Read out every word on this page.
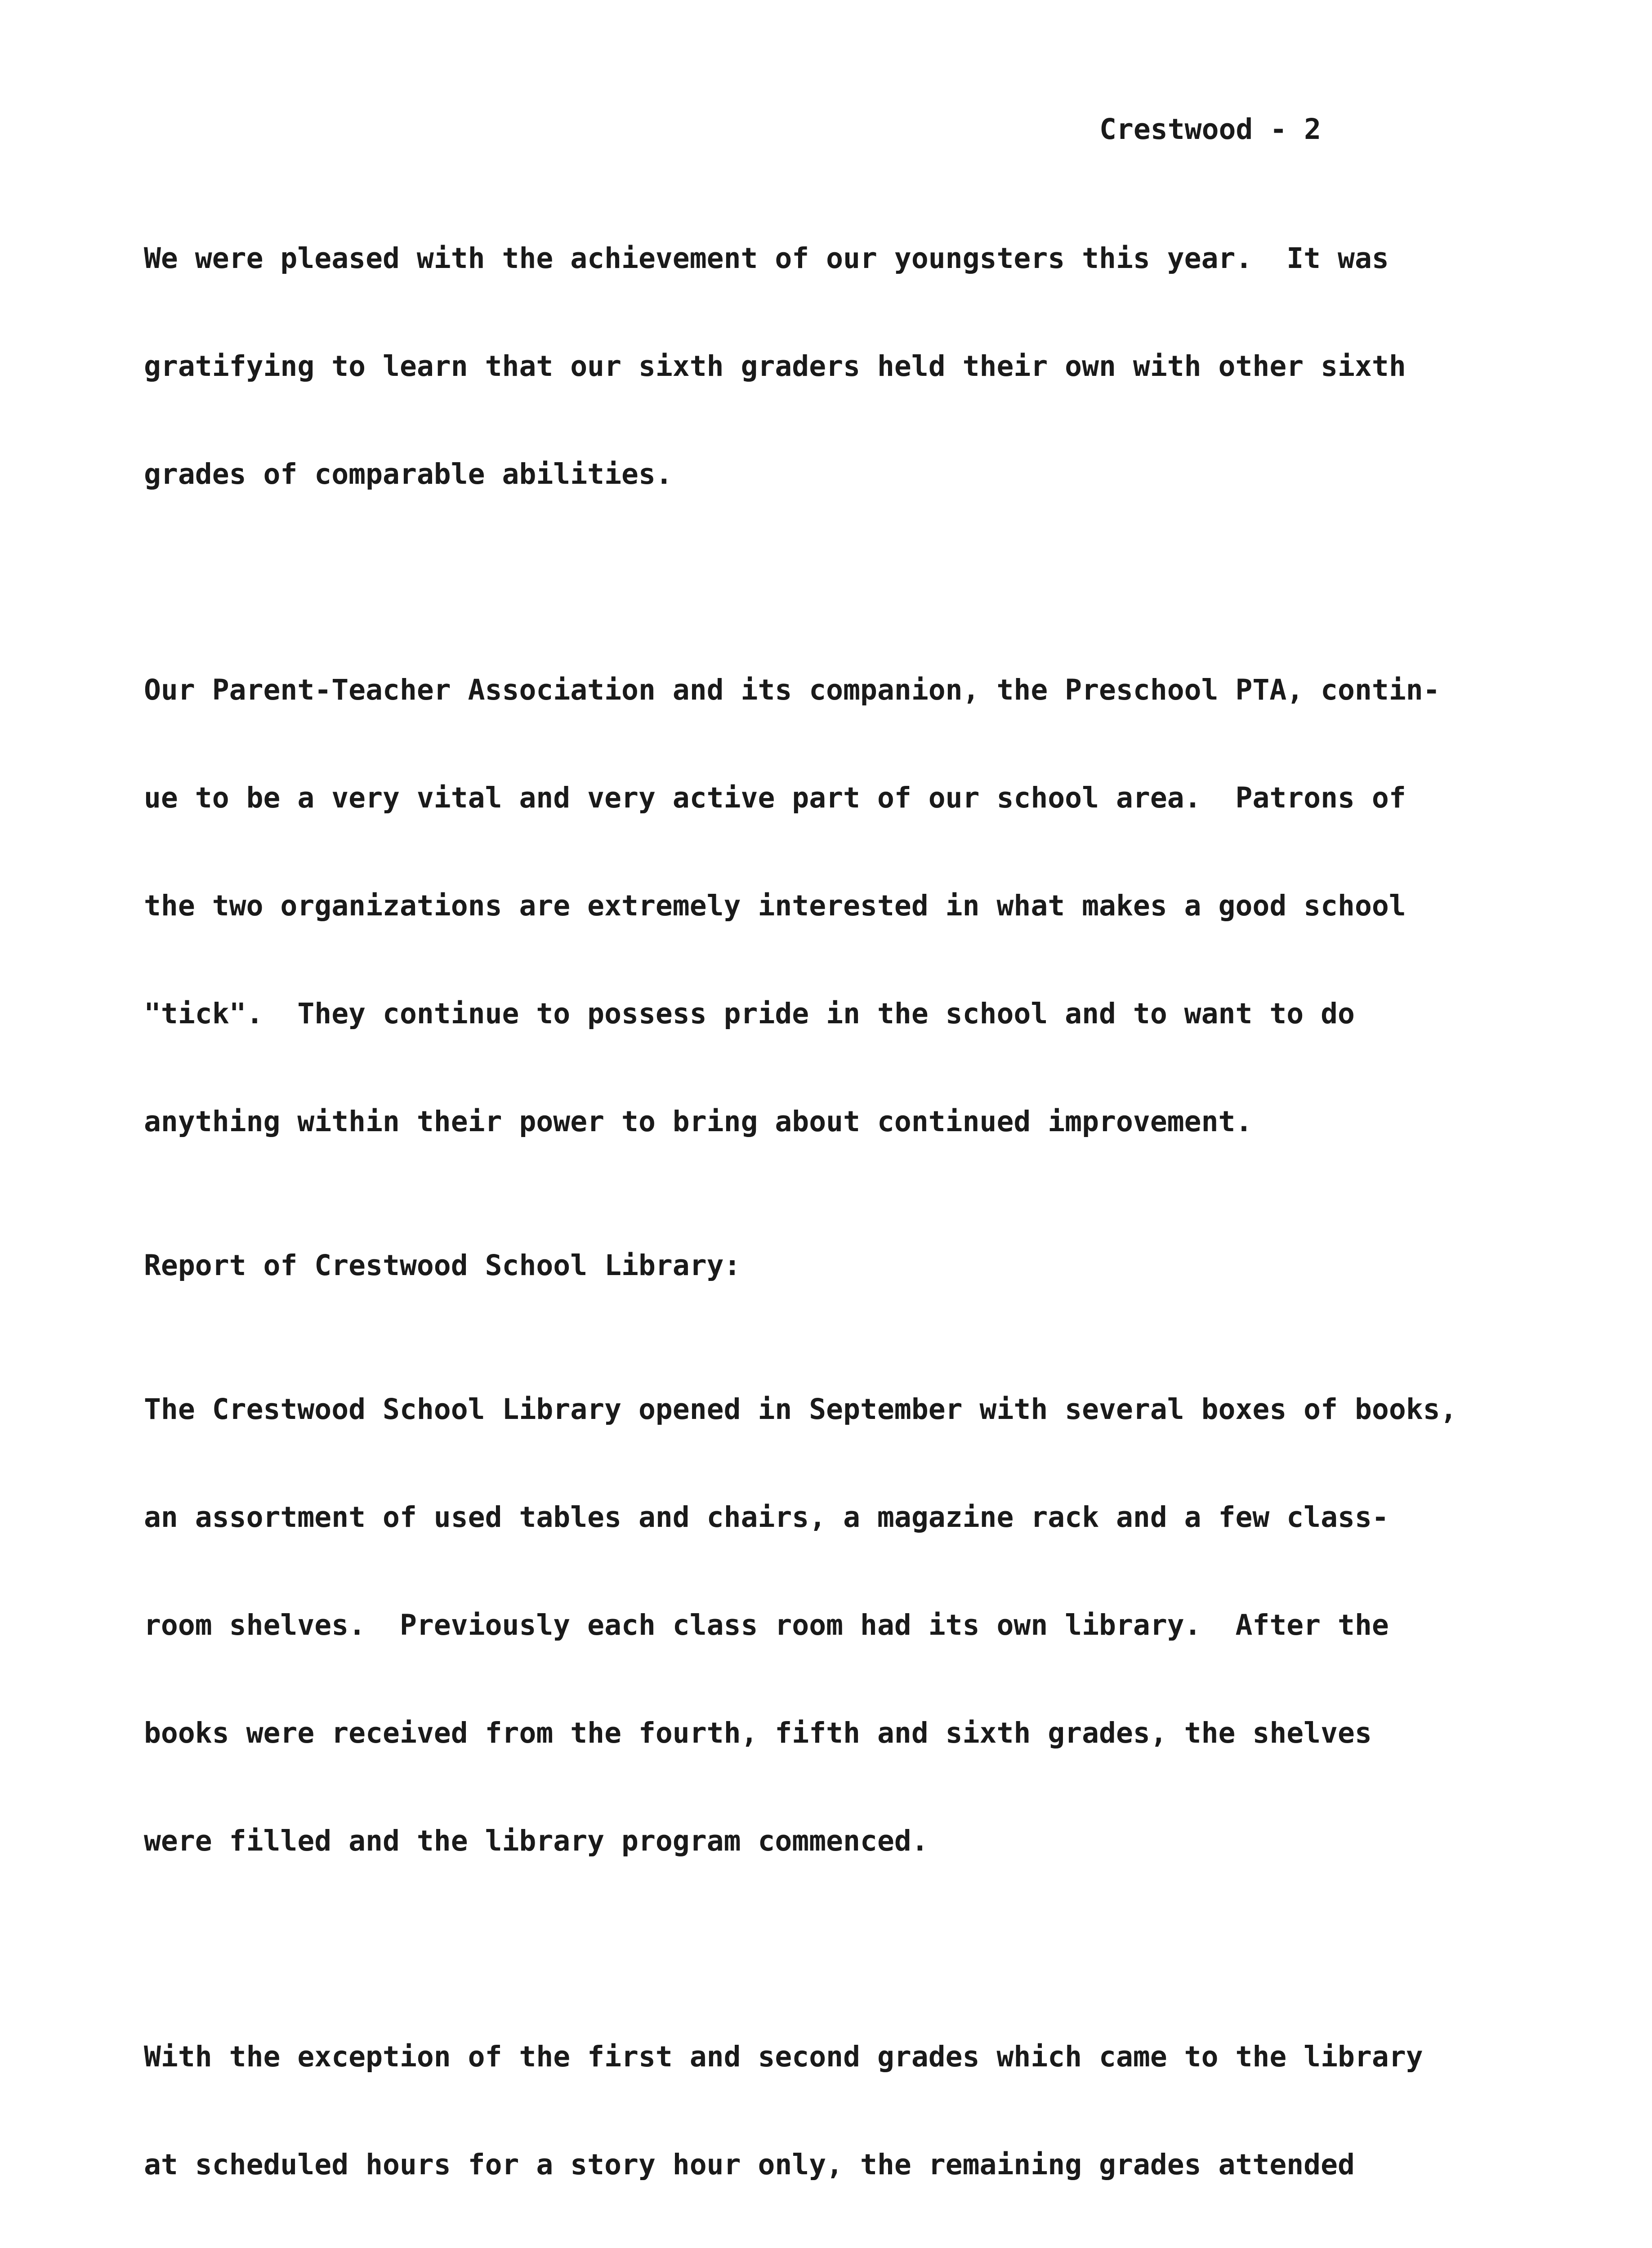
Crestwood - 2

We were pleased with the achievement of our youngsters this year.  It was

gratifying to learn that our sixth graders held their own with other sixth

grades of comparable abilities.

Our Parent-Teacher Association and its companion, the Preschool PTA, contin-

ue to be a very vital and very active part of our school area.  Patrons of

the two organizations are extremely interested in what makes a good school

"tick".  They continue to possess pride in the school and to want to do

anything within their power to bring about continued improvement.

Report of Crestwood School Library:

The Crestwood School Library opened in September with several boxes of books,

an assortment of used tables and chairs, a magazine rack and a few class-

room shelves.  Previously each class room had its own library.  After the

books were received from the fourth, fifth and sixth grades, the shelves

were filled and the library program commenced.

With the exception of the first and second grades which came to the library

at scheduled hours for a story hour only, the remaining grades attended
